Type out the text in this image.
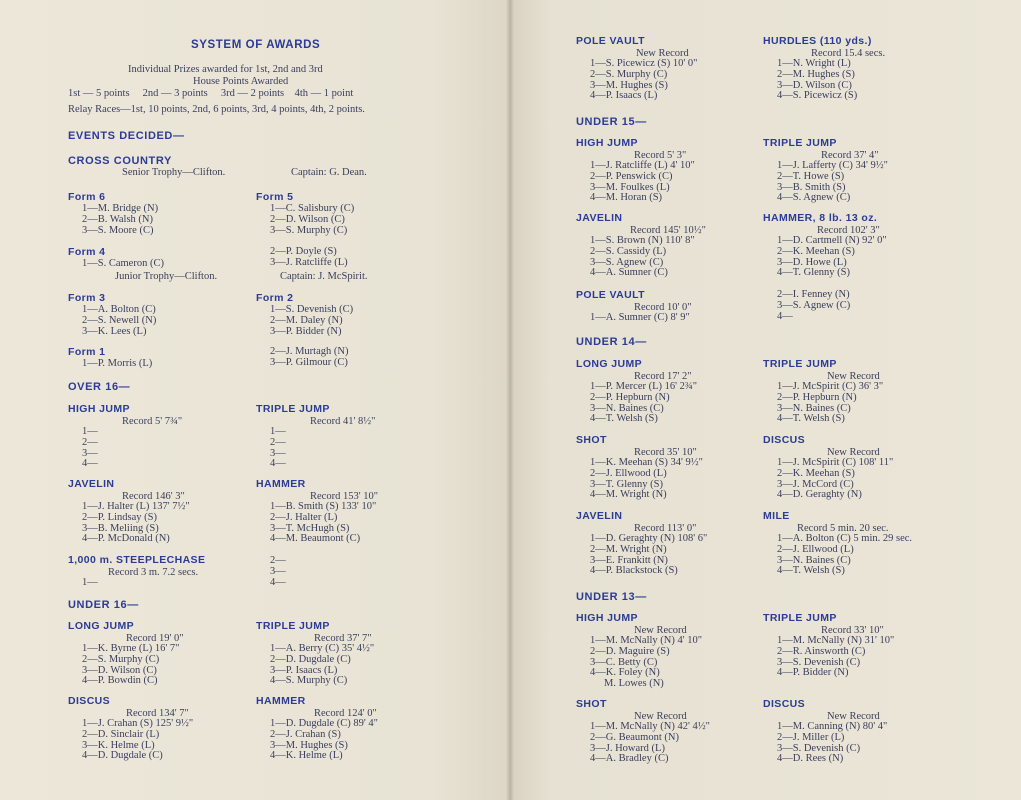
SYSTEM OF AWARDS
Individual Prizes awarded for 1st, 2nd and 3rd
House Points Awarded
1st — 5 points     2nd — 3 points     3rd — 2 points    4th — 1 point
Relay Races—1st, 10 points, 2nd, 6 points, 3rd, 4 points, 4th, 2 points.
EVENTS DECIDED—
CROSS COUNTRY
Senior Trophy—Clifton.	Captain: G. Dean.
Form 6
1—M. Bridge (N)
2—B. Walsh (N)
3—S. Moore (C)
Form 5
1—C. Salisbury (C)
2—D. Wilson (C)
3—S. Murphy (C)
Form 4
1—S. Cameron (C)
2—P. Doyle (S)
3—J. Ratcliffe (L)
Junior Trophy—Clifton.	Captain: J. McSpirit.
Form 3
1—A. Bolton (C)
2—S. Newell (N)
3—K. Lees (L)
Form 2
1—S. Devenish (C)
2—M. Daley (N)
3—P. Bidder (N)
Form 1
1—P. Morris (L)
2—J. Murtagh (N)
3—P. Gilmour (C)
OVER 16—
HIGH JUMP
Record 5' 7¾"
1—
2—
3—
4—
TRIPLE JUMP
Record 41' 8½"
1—
2—
3—
4—
JAVELIN
Record 146' 3"
1—J. Halter (L) 137' 7½"
2—P. Lindsay (S)
3—B. Meliing (S)
4—P. McDonald (N)
HAMMER
Record 153' 10"
1—B. Smith (S) 133' 10"
2—J. Halter (L)
3—T. McHugh (S)
4—M. Beaumont (C)
1,000 m. STEEPLECHASE
Record 3 m. 7.2 secs.
1—
2—
3—
4—
UNDER 16—
LONG JUMP
Record 19' 0"
1—K. Byrne (L) 16' 7"
2—S. Murphy (C)
3—D. Wilson (C)
4—P. Bowdin (C)
TRIPLE JUMP
Record 37' 7"
1—A. Berry (C) 35' 4½"
2—D. Dugdale (C)
3—P. Isaacs (L)
4—S. Murphy (C)
DISCUS
Record 134' 7"
1—J. Crahan (S) 125' 9½"
2—D. Sinclair (L)
3—K. Helme (L)
4—D. Dugdale (C)
HAMMER
Record 124' 0"
1—D. Dugdale (C) 89' 4"
2—J. Crahan (S)
3—M. Hughes (S)
4—K. Helme (L)
POLE VAULT
New Record
1—S. Picewicz (S) 10' 0"
2—S. Murphy (C)
3—M. Hughes (S)
4—P. Isaacs (L)
HURDLES (110 yds.)
Record 15.4 secs.
1—N. Wright (L)
2—M. Hughes (S)
3—D. Wilson (C)
4—S. Picewicz (S)
UNDER 15—
HIGH JUMP
Record 5' 3"
1—J. Ratcliffe (L) 4' 10"
2—P. Penswick (C)
3—M. Foulkes (L)
4—M. Horan (S)
TRIPLE JUMP
Record 37' 4"
1—J. Lafferty (C) 34' 9½"
2—T. Howe (S)
3—B. Smith (S)
4—S. Agnew (C)
JAVELIN
Record 145' 10½"
1—S. Brown (N) 110' 8"
2—S. Cassidy (L)
3—S. Agnew (C)
4—A. Sumner (C)
HAMMER, 8 lb. 13 oz.
Record 102' 3"
1—D. Cartmell (N) 92' 0"
2—K. Meehan (S)
3—D. Howe (L)
4—T. Glenny (S)
POLE VAULT
Record 10' 0"
1—A. Sumner (C) 8' 9"
2—I. Fenney (N)
3—S. Agnew (C)
4—
UNDER 14—
LONG JUMP
Record 17' 2"
1—P. Mercer (L) 16' 2¾"
2—P. Hepburn (N)
3—N. Baines (C)
4—T. Welsh (S)
TRIPLE JUMP
New Record
1—J. McSpirit (C) 36' 3"
2—P. Hepburn (N)
3—N. Baines (C)
4—T. Welsh (S)
SHOT
Record 35' 10"
1—K. Meehan (S) 34' 9½"
2—J. Ellwood (L)
3—T. Glenny (S)
4—M. Wright (N)
DISCUS
New Record
1—J. McSpirit (C) 108' 11"
2—K. Meehan (S)
3—J. McCord (C)
4—D. Geraghty (N)
JAVELIN
Record 113' 0"
1—D. Geraghty (N) 108' 6"
2—M. Wright (N)
3—E. Frankitt (N)
4—P. Blackstock (S)
MILE
Record 5 min. 20 sec.
1—A. Bolton (C) 5 min. 29 sec.
2—J. Ellwood (L)
3—N. Baines (C)
4—T. Welsh (S)
UNDER 13—
HIGH JUMP
New Record
1—M. McNally (N) 4' 10"
2—D. Maguire (S)
3—C. Betty (C)
4—K. Foley (N)
M. Lowes (N)
TRIPLE JUMP
Record 33' 10"
1—M. McNally (N) 31' 10"
2—R. Ainsworth (C)
3—S. Devenish (C)
4—P. Bidder (N)
SHOT
New Record
1—M. McNally (N) 42' 4½"
2—G. Beaumont (N)
3—J. Howard (L)
4—A. Bradley (C)
DISCUS
New Record
1—M. Canning (N) 80' 4"
2—J. Miller (L)
3—S. Devenish (C)
4—D. Rees (N)
